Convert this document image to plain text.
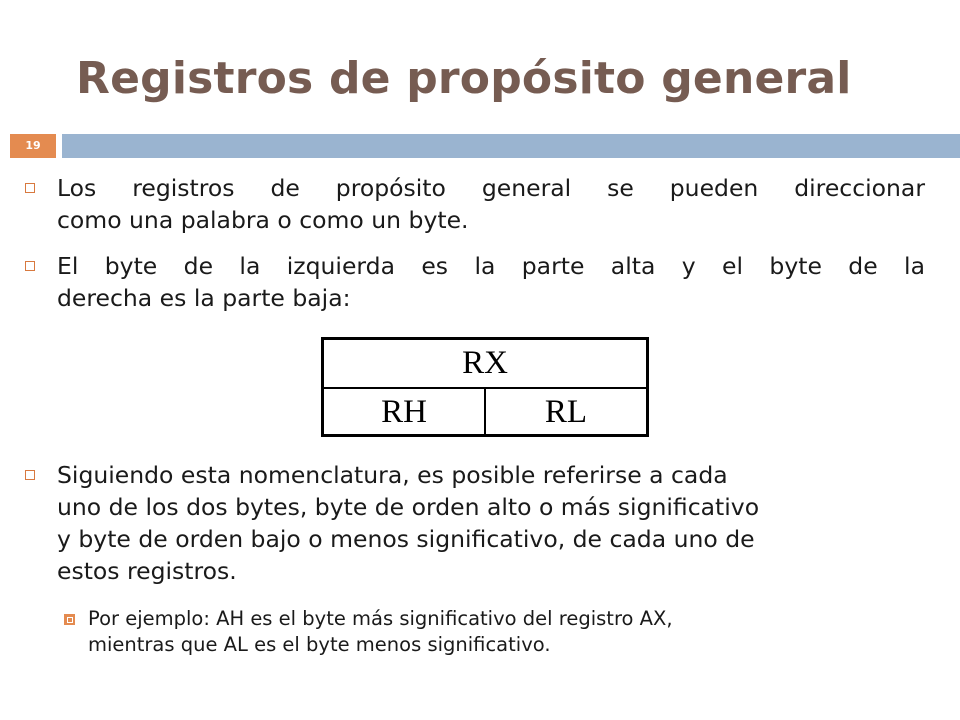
Registros de propósito general
19
Los registros de propósito general se pueden direccionar
como una palabra o como un byte.
El byte de la izquierda es la parte alta y el byte de la
derecha es la parte baja:
RX
RH	RL
Siguiendo esta nomenclatura, es posible referirse a cada
uno de los dos bytes, byte de orden alto o más significativo
y byte de orden bajo o menos significativo, de cada uno de
estos registros.
Por ejemplo: AH es el byte más significativo del registro AX,
mientras que AL es el byte menos significativo.
